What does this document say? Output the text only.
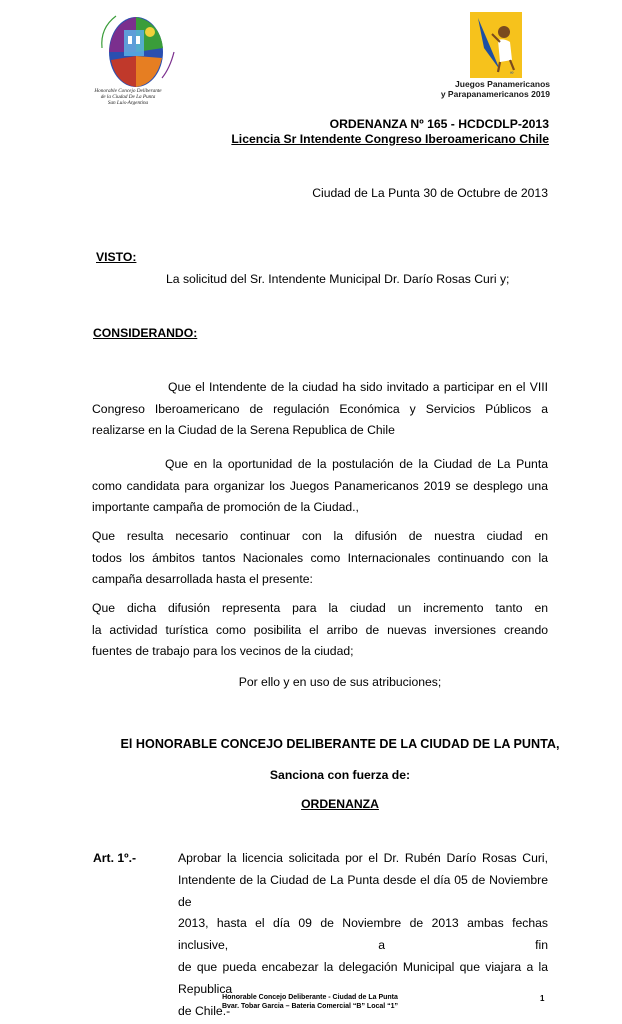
Honorable Concejo Deliberante
de la Ciudad De La Punta
San Luis-Argentina
∞
Juegos Panamericanos
y Parapanamericanos 2019
ORDENANZA Nº 165 - HCDCDLP-2013
Licencia Sr Intendente Congreso Iberoamericano Chile
Ciudad de La Punta 30 de Octubre de 2013
VISTO:
La solicitud del Sr. Intendente Municipal Dr. Darío Rosas Curi y;
CONSIDERANDO:
Que el Intendente de la ciudad ha sido invitado a participar en el VIII
Congreso Iberoamericano de regulación Económica y Servicios Públicos a
realizarse en la Ciudad de la Serena Republica de Chile
Que en la oportunidad de la postulación de la Ciudad de La Punta
como candidata para organizar los Juegos Panamericanos 2019 se desplego una
importante campaña de promoción de la Ciudad.,
Que resulta necesario continuar con la difusión de nuestra ciudad en
todos los ámbitos tantos Nacionales como Internacionales continuando con la
campaña desarrollada hasta el presente:
Que dicha difusión representa para la ciudad un incremento tanto en
la actividad turística como posibilita el arribo de nuevas inversiones creando
fuentes de trabajo para los vecinos de la ciudad;
Por ello y en uso de sus atribuciones;
El HONORABLE CONCEJO DELIBERANTE DE LA CIUDAD DE LA PUNTA,
Sanciona con fuerza de:
ORDENANZA
Art. 1º.-	Aprobar la licencia solicitada por el Dr. Rubén Darío Rosas Curi,
Intendente de la Ciudad de La Punta desde el día 05 de Noviembre de
2013, hasta el día 09 de Noviembre de 2013 ambas fechas inclusive, a fin
de que pueda encabezar la delegación Municipal que viajara a la Republica
de Chile.-
Honorable Concejo Deliberante - Ciudad de La Punta
Bvar. Tobar Garcia – Bateria Comercial “B” Local “1”
1
